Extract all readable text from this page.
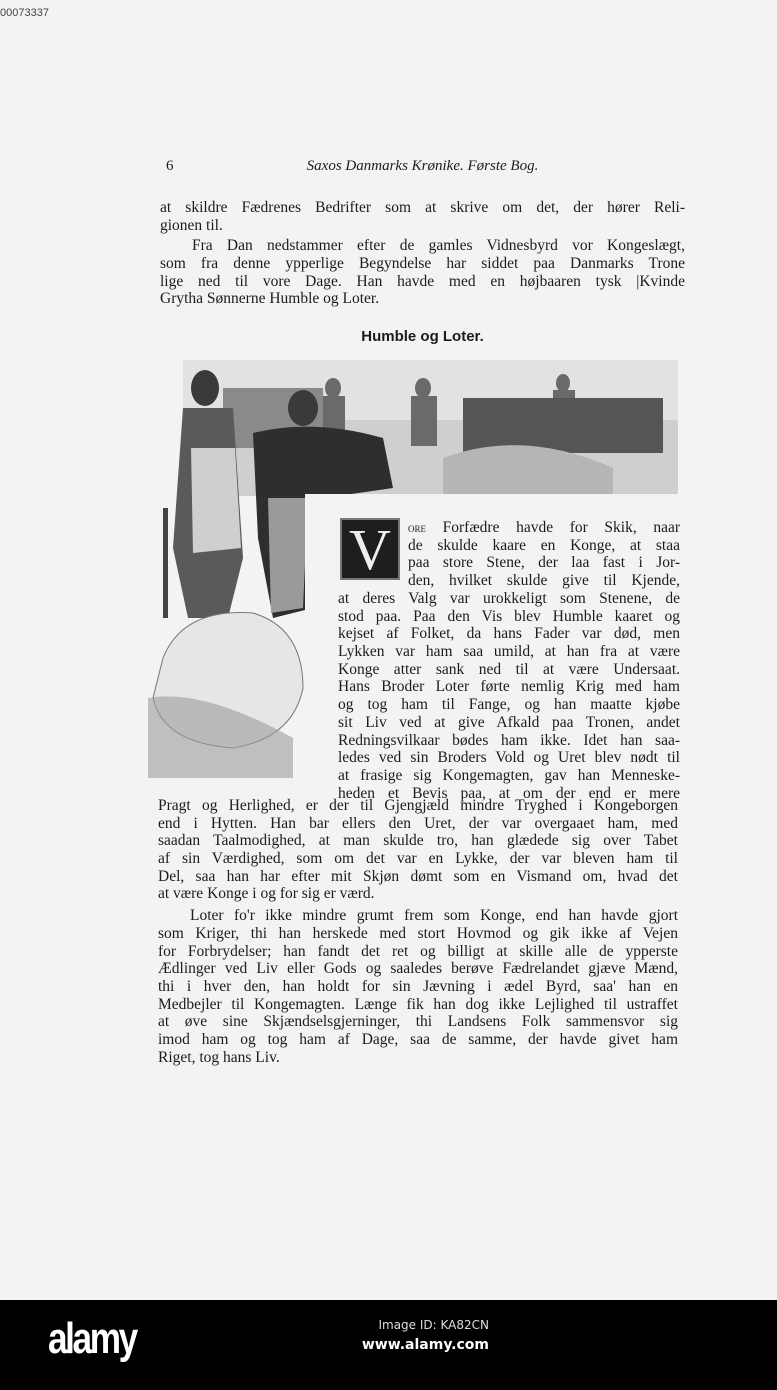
00073337
6	Saxos Danmarks Krønike. Første Bog.
at skildre Fædrenes Bedrifter som at skrive om det, der hører Reli-
gionen til.
Fra Dan nedstammer efter de gamles Vidnesbyrd vor Kongeslægt,
som fra denne ypperlige Begyndelse har siddet paa Danmarks Trone
lige ned til vore Dage. Han havde med en højbaaren tysk |Kvinde
Grytha Sønnerne Humble og Loter.
Humble og Loter.
V	ore Forfædre havde for Skik, naar
de skulde kaare en Konge, at staa
paa store Stene, der laa fast i Jor-
den, hvilket skulde give til Kjende,
at deres Valg var urokkeligt som Stenene, de
stod paa. Paa den Vis blev Humble kaaret og
kejset af Folket, da hans Fader var død, men
Lykken var ham saa umild, at han fra at være
Konge atter sank ned til at være Undersaat.
Hans Broder Loter førte nemlig Krig med ham
og tog ham til Fange, og han maatte kjøbe
sit Liv ved at give Afkald paa Tronen, andet
Redningsvilkaar bødes ham ikke. Idet han saa-
ledes ved sin Broders Vold og Uret blev nødt til
at frasige sig Kongemagten, gav han Menneske-
heden et Bevis paa, at om der end er mere
Pragt og Herlighed, er der til Gjengjæld mindre Tryghed i Kongeborgen
end i Hytten. Han bar ellers den Uret, der var overgaaet ham, med
saadan Taalmodighed, at man skulde tro, han glædede sig over Tabet
af sin Værdighed, som om det var en Lykke, der var bleven ham til
Del, saa han har efter mit Skjøn dømt som en Vismand om, hvad det
at være Konge i og for sig er værd.
Loter fo'r ikke mindre grumt frem som Konge, end han havde gjort
som Kriger, thi han herskede med stort Hovmod og gik ikke af Vejen
for Forbrydelser; han fandt det ret og billigt at skille alle de ypperste
Ædlinger ved Liv eller Gods og saaledes berøve Fædrelandet gjæve Mænd,
thi i hver den, han holdt for sin Jævning i ædel Byrd, saa' han en
Medbejler til Kongemagten. Længe fik han dog ikke Lejlighed til ustraffet
at øve sine Skjændselsgjerninger, thi Landsens Folk sammensvor sig
imod ham og tog ham af Dage, saa de samme, der havde givet ham
Riget, tog hans Liv.
alamy	Image ID: KA82CN
www.alamy.com
